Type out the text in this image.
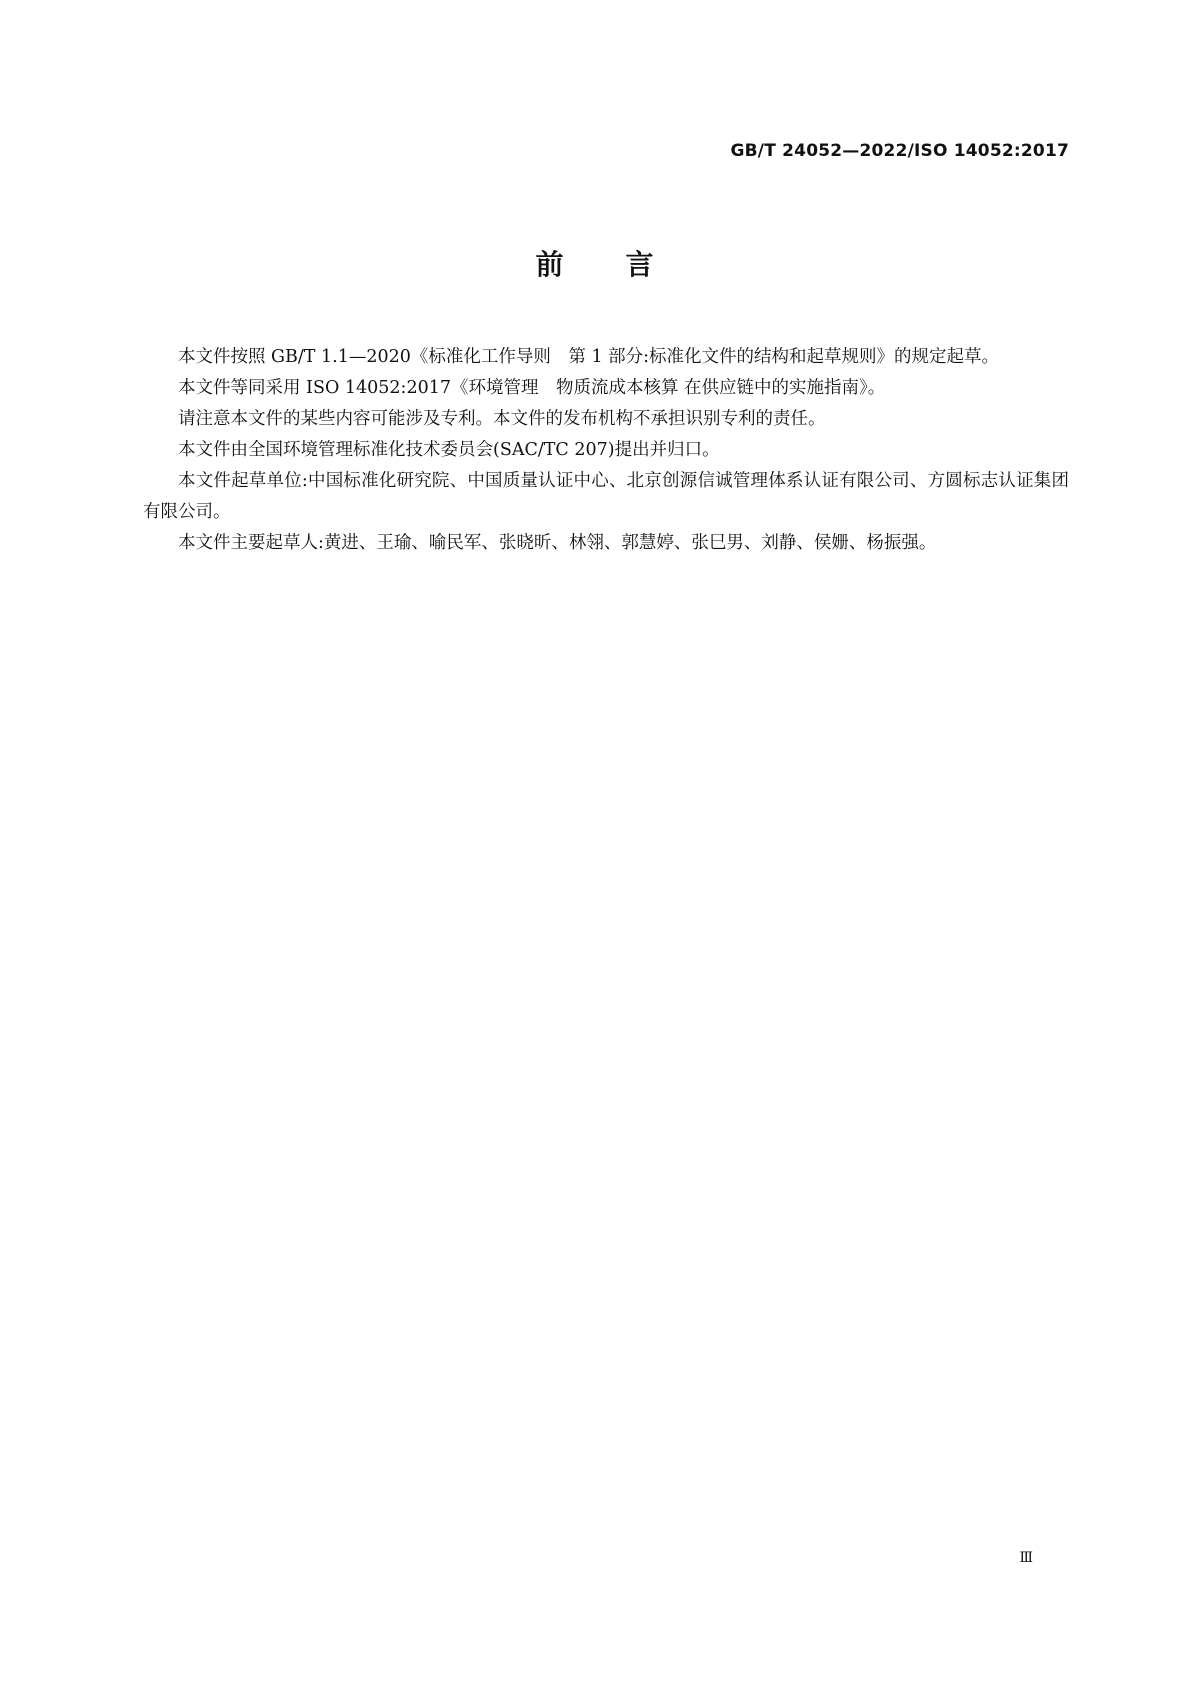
GB/T 24052—2022/ISO 14052:2017
前　　言

本文件按照 GB/T 1.1—2020《标准化工作导则　第 1 部分:标准化文件的结构和起草规则》的规定起草。

本文件等同采用 ISO 14052:2017《环境管理　物质流成本核算 在供应链中的实施指南》。

请注意本文件的某些内容可能涉及专利。本文件的发布机构不承担识别专利的责任。

本文件由全国环境管理标准化技术委员会(SAC/TC 207)提出并归口。

本文件起草单位:中国标准化研究院、中国质量认证中心、北京创源信诚管理体系认证有限公司、方圆标志认证集团有限公司。

本文件主要起草人:黄进、王瑜、喻民军、张晓昕、林翎、郭慧婷、张巳男、刘静、侯姗、杨振强。

Ⅲ
